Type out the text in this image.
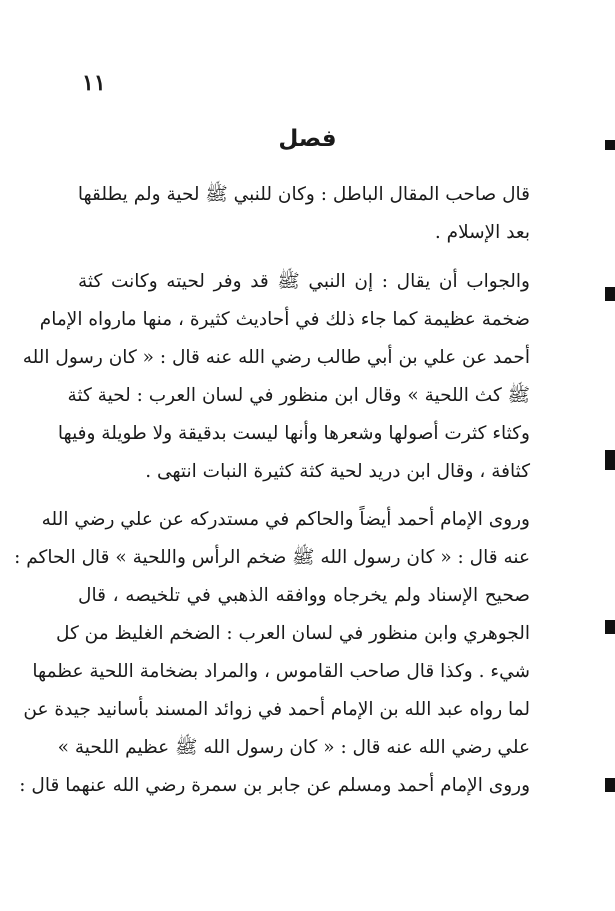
١١
فصل
قال صاحب المقال الباطل : وكان للنبي ﷺ لحية ولم يطلقها
بعد الإسلام .
والجواب أن يقال : إن النبي ﷺ قد وفر لحيته وكانت كثة
ضخمة عظيمة كما جاء ذلك في أحاديث كثيرة ، منها مارواه الإمام
أحمد عن علي بن أبي طالب رضي الله عنه قال : « كان رسول الله
ﷺ كث اللحية » وقال ابن منظور في لسان العرب : لحية كثة
وكثاء كثرت أصولها وشعرها وأنها ليست بدقيقة ولا طويلة وفيها
كثافة ، وقال ابن دريد لحية كثة كثيرة النبات انتهى .
وروى الإمام أحمد أيضاً والحاكم في مستدركه عن علي رضي الله
عنه قال : « كان رسول الله ﷺ ضخم الرأس واللحية » قال الحاكم :
صحيح الإسناد ولم يخرجاه ووافقه الذهبي في تلخيصه ، قال
الجوهري وابن منظور في لسان العرب : الضخم الغليظ من كل
شيء . وكذا قال صاحب القاموس ، والمراد بضخامة اللحية عظمها
لما رواه عبد الله بن الإمام أحمد في زوائد المسند بأسانيد جيدة عن
علي رضي الله عنه قال : « كان رسول الله ﷺ عظيم اللحية »
وروى الإمام أحمد ومسلم عن جابر بن سمرة رضي الله عنهما قال :
